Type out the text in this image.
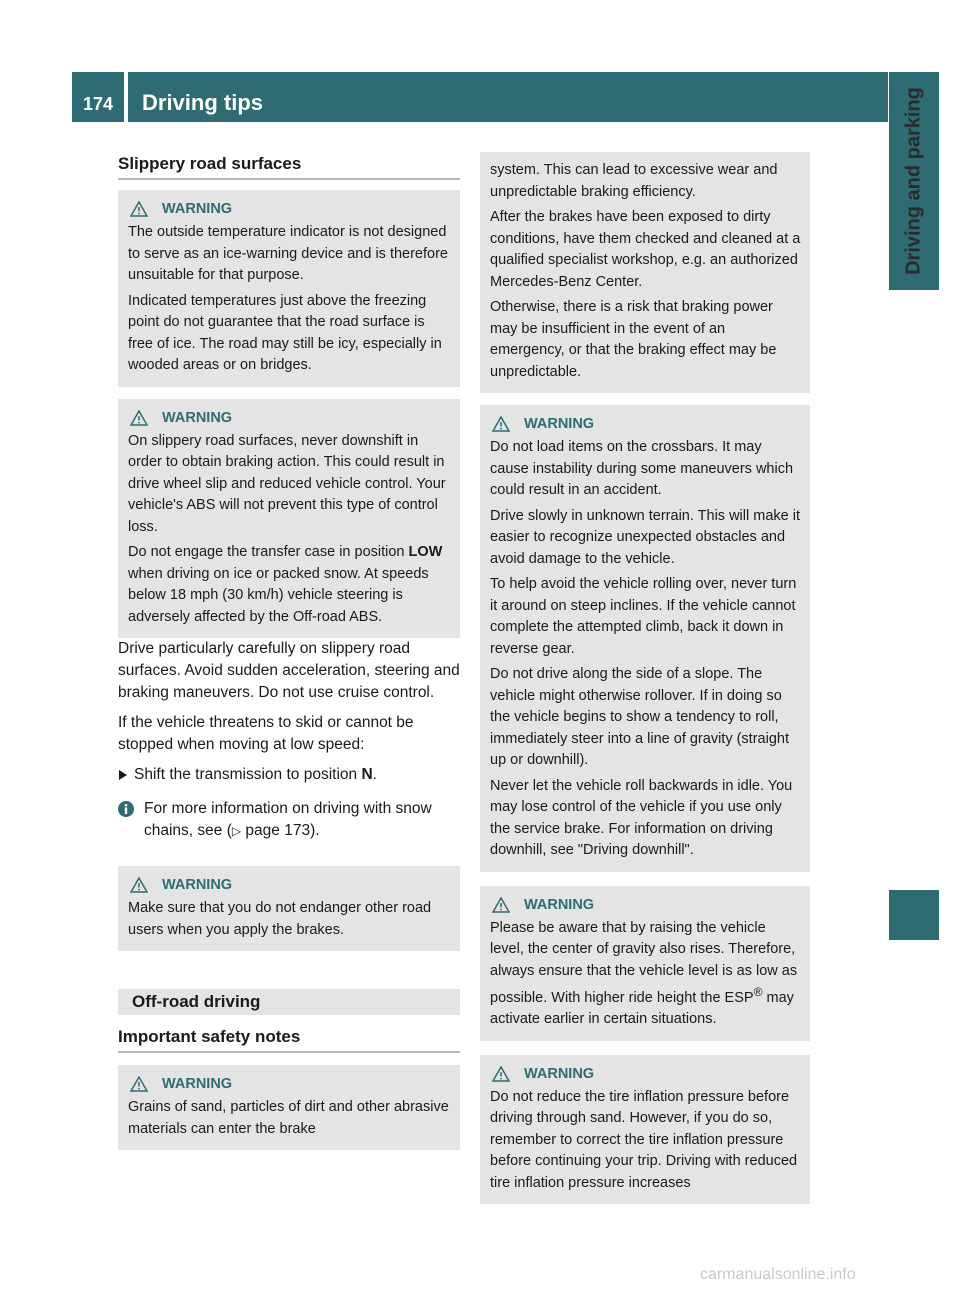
174	Driving tips	Driving and parking
Slippery road surfaces
WARNING

The outside temperature indicator is not designed to serve as an ice-warning device and is therefore unsuitable for that purpose.

Indicated temperatures just above the freezing point do not guarantee that the road surface is free of ice. The road may still be icy, especially in wooded areas or on bridges.

WARNING

On slippery road surfaces, never downshift in order to obtain braking action. This could result in drive wheel slip and reduced vehicle control. Your vehicle's ABS will not prevent this type of control loss.

Do not engage the transfer case in position LOW when driving on ice or packed snow. At speeds below 18 mph (30 km/h) vehicle steering is adversely affected by the Off-road ABS.

Drive particularly carefully on slippery road surfaces. Avoid sudden acceleration, steering and braking maneuvers. Do not use cruise control.

If the vehicle threatens to skid or cannot be stopped when moving at low speed:

Shift the transmission to position N.
For more information on driving with snow chains, see (▷ page 173).
WARNING

Make sure that you do not endanger other road users when you apply the brakes.

Off-road driving
Important safety notes
WARNING

Grains of sand, particles of dirt and other abrasive materials can enter the brake

system. This can lead to excessive wear and unpredictable braking efficiency.

After the brakes have been exposed to dirty conditions, have them checked and cleaned at a qualified specialist workshop, e.g. an authorized Mercedes-Benz Center.

Otherwise, there is a risk that braking power may be insufficient in the event of an emergency, or that the braking effect may be unpredictable.

WARNING

Do not load items on the crossbars. It may cause instability during some maneuvers which could result in an accident.

Drive slowly in unknown terrain. This will make it easier to recognize unexpected obstacles and avoid damage to the vehicle.

To help avoid the vehicle rolling over, never turn it around on steep inclines. If the vehicle cannot complete the attempted climb, back it down in reverse gear.

Do not drive along the side of a slope. The vehicle might otherwise rollover. If in doing so the vehicle begins to show a tendency to roll, immediately steer into a line of gravity (straight up or downhill).

Never let the vehicle roll backwards in idle. You may lose control of the vehicle if you use only the service brake. For information on driving downhill, see "Driving downhill".

WARNING

Please be aware that by raising the vehicle level, the center of gravity also rises. Therefore, always ensure that the vehicle level is as low as possible. With higher ride height the ESP® may activate earlier in certain situations.

WARNING

Do not reduce the tire inflation pressure before driving through sand. However, if you do so, remember to correct the tire inflation pressure before continuing your trip. Driving with reduced tire inflation pressure increases

carmanualsonline.info
